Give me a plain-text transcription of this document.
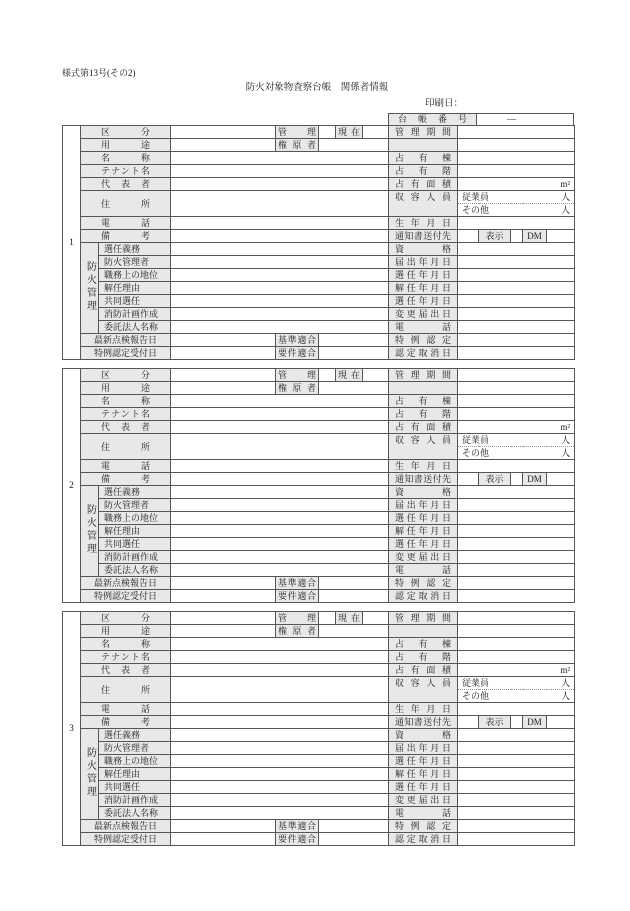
様式第13号(その2)
防火対象物査察台帳　関係者情報
印刷日：
台帳番号	—
1	区　分			管　理		現在		管 理 期 間					
	用　途			権原者									
	名　称							占　有　棟					
	テナント名							占　有　階					
	代　表　者							占 有 面 積	m²				

	住　所							収 容 人 員	従業員 人				

									その他 人				

	電　話							生 年 月 日					
	備　考							通知書送付先		表示		DM	
	防火管理	選任義務						資　格					
		防火管理者						届出年月日					
		職務上の地位						選任年月日					
		解任理由						解任年月日					
		共同選任						選任年月日					
		消防計画作成						変更届出日					
		委託法人名称						電　話					
	最新点検報告日			基準適合				特 例 認 定					
	特例認定受付日			要件適合				認定取消日					
2	区　分			管　理		現在		管 理 期 間					
	用　途			権原者									
	名　称							占　有　棟					
	テナント名							占　有　階					
	代　表　者							占 有 面 積	m²				

	住　所							収 容 人 員	従業員 人				

									その他 人				

	電　話							生 年 月 日					
	備　考							通知書送付先		表示		DM	
	防火管理	選任義務						資　格					
		防火管理者						届出年月日					
		職務上の地位						選任年月日					
		解任理由						解任年月日					
		共同選任						選任年月日					
		消防計画作成						変更届出日					
		委託法人名称						電　話					
	最新点検報告日			基準適合				特 例 認 定					
	特例認定受付日			要件適合				認定取消日					
3	区　分			管　理		現在		管 理 期 間					
	用　途			権原者									
	名　称							占　有　棟					
	テナント名							占　有　階					
	代　表　者							占 有 面 積	m²				

	住　所							収 容 人 員	従業員 人				

									その他 人				

	電　話							生 年 月 日					
	備　考							通知書送付先		表示		DM	
	防火管理	選任義務						資　格					
		防火管理者						届出年月日					
		職務上の地位						選任年月日					
		解任理由						解任年月日					
		共同選任						選任年月日					
		消防計画作成						変更届出日					
		委託法人名称						電　話					
	最新点検報告日			基準適合				特 例 認 定					
	特例認定受付日			要件適合				認定取消日					
